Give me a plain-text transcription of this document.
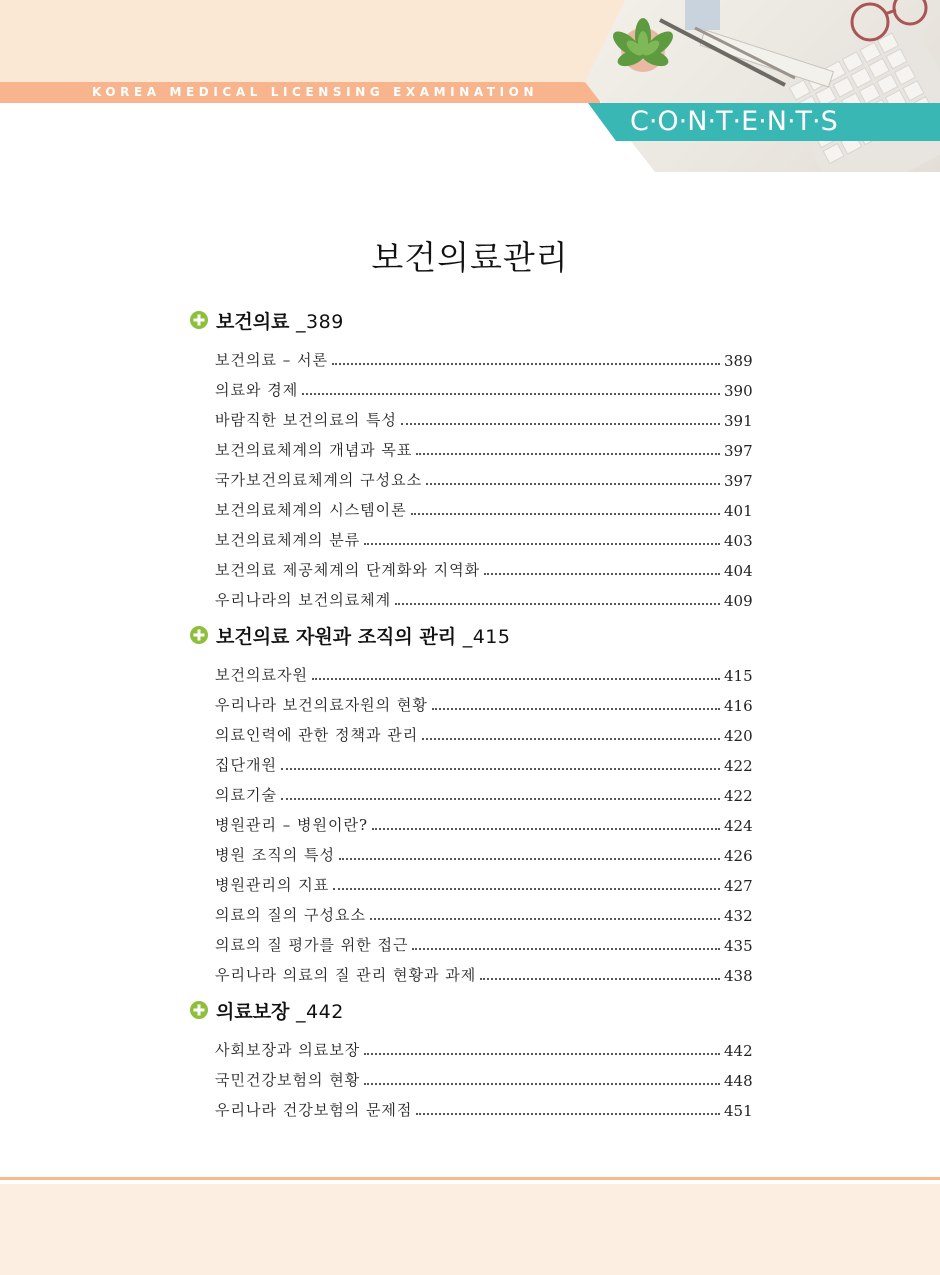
KOREA MEDICAL LICENSING EXAMINATION
C·O·N·T·E·N·T·S
보건의료관리
보건의료 _389
보건의료 – 서론	389
의료와 경제	390
바람직한 보건의료의 특성	391
보건의료체계의 개념과 목표	397
국가보건의료체계의 구성요소	397
보건의료체계의 시스템이론	401
보건의료체계의 분류	403
보건의료 제공체계의 단계화와 지역화	404
우리나라의 보건의료체계	409
보건의료 자원과 조직의 관리 _415
보건의료자원	415
우리나라 보건의료자원의 현황	416
의료인력에 관한 정책과 관리	420
집단개원	422
의료기술	422
병원관리 – 병원이란?	424
병원 조직의 특성	426
병원관리의 지표	427
의료의 질의 구성요소	432
의료의 질 평가를 위한 접근	435
우리나라 의료의 질 관리 현황과 과제	438
의료보장 _442
사회보장과 의료보장	442
국민건강보험의 현황	448
우리나라 건강보험의 문제점	451
